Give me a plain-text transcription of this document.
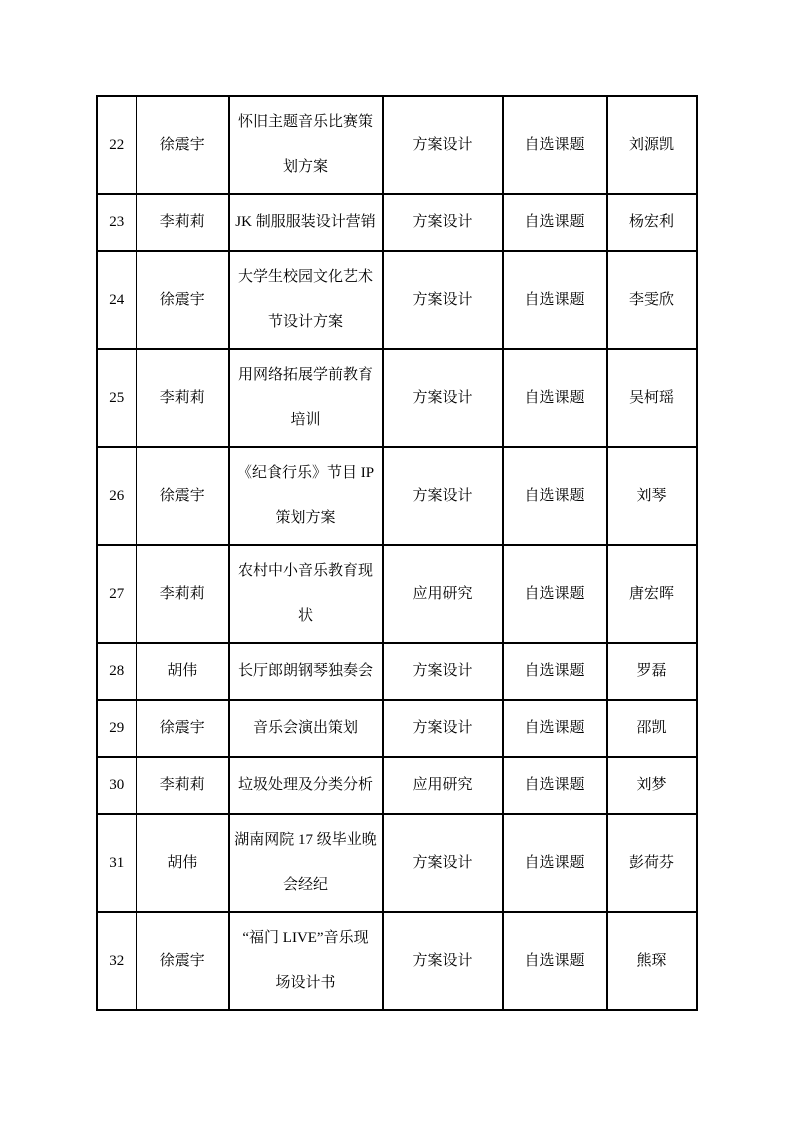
22	徐震宇	怀旧主题音乐比赛策
划方案	方案设计	自选课题	刘源凯
23	李莉莉	JK 制服服装设计营销	方案设计	自选课题	杨宏利
24	徐震宇	大学生校园文化艺术
节设计方案	方案设计	自选课题	李雯欣
25	李莉莉	用网络拓展学前教育
培训	方案设计	自选课题	吴柯瑶
26	徐震宇	《纪食行乐》节目 IP
策划方案	方案设计	自选课题	刘琴
27	李莉莉	农村中小音乐教育现
状	应用研究	自选课题	唐宏晖
28	胡伟	长厅郎朗钢琴独奏会	方案设计	自选课题	罗磊
29	徐震宇	音乐会演出策划	方案设计	自选课题	邵凯
30	李莉莉	垃圾处理及分类分析	应用研究	自选课题	刘梦
31	胡伟	湖南网院 17 级毕业晚
会经纪	方案设计	自选课题	彭荷芬
32	徐震宇	“福门 LIVE”音乐现
场设计书	方案设计	自选课题	熊琛
